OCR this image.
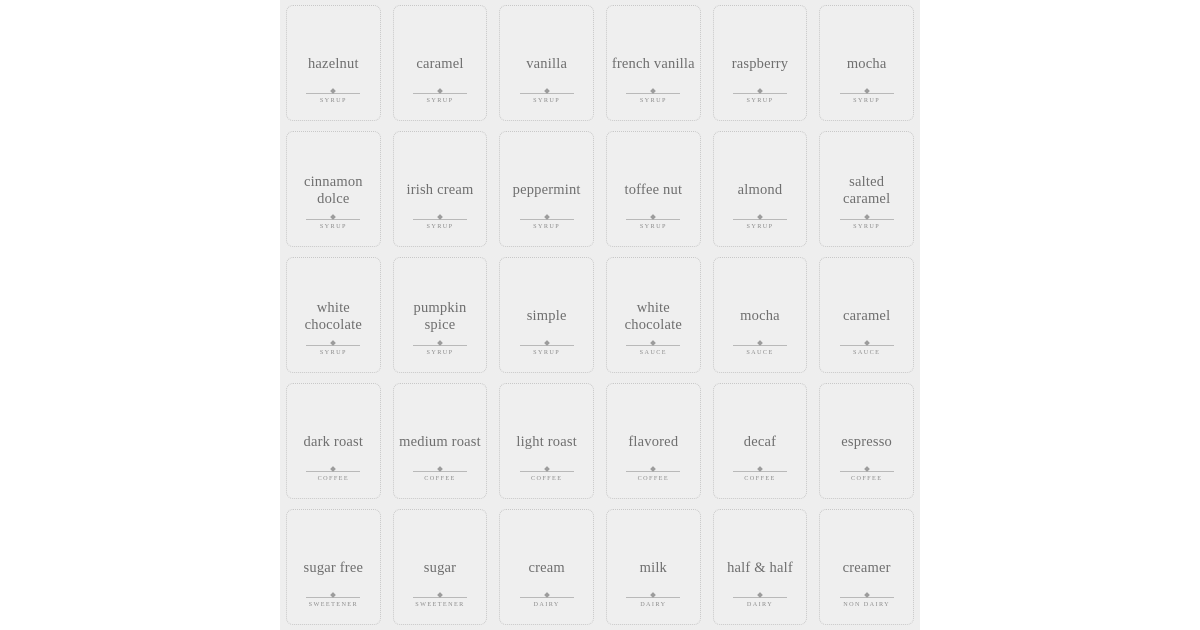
hazelnut
SYRUP
caramel
SYRUP
vanilla
SYRUP
french vanilla
SYRUP
raspberry
SYRUP
mocha
SYRUP
cinnamon dolce
SYRUP
irish cream
SYRUP
peppermint
SYRUP
toffee nut
SYRUP
almond
SYRUP
salted caramel
SYRUP
white chocolate
SYRUP
pumpkin spice
SYRUP
simple
SYRUP
white chocolate
SAUCE
mocha
SAUCE
caramel
SAUCE
dark roast
COFFEE
medium roast
COFFEE
light roast
COFFEE
flavored
COFFEE
decaf
COFFEE
espresso
COFFEE
sugar free
SWEETENER
sugar
SWEETENER
cream
DAIRY
milk
DAIRY
half & half
DAIRY
creamer
NON DAIRY
